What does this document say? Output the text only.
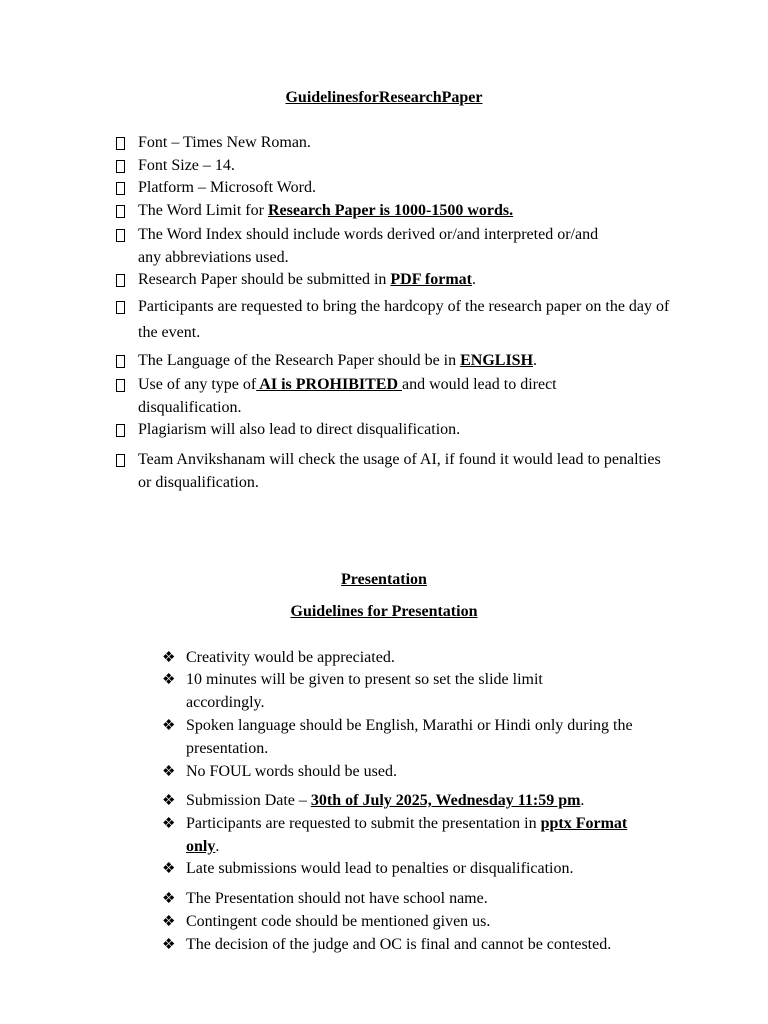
GuidelinesforResearchPaper
Font – Times New Roman.
Font Size – 14.
Platform – Microsoft Word.
The Word Limit for Research Paper is 1000-1500 words.
The Word Index should include words derived or/and interpreted or/and any abbreviations used.
Research Paper should be submitted in PDF format.
Participants are requested to bring the hardcopy of the research paper on the day of the event.
The Language of the Research Paper should be in ENGLISH.
Use of any type of AI is PROHIBITED and would lead to direct disqualification.
Plagiarism will also lead to direct disqualification.
Team Anvikshanam will check the usage of AI, if found it would lead to penalties or disqualification.
Presentation
Guidelines for Presentation
❖ Creativity would be appreciated.
❖ 10 minutes will be given to present so set the slide limit accordingly.
❖ Spoken language should be English, Marathi or Hindi only during the presentation.
❖ No FOUL words should be used.
❖ Submission Date – 30th of July 2025, Wednesday 11:59 pm.
❖ Participants are requested to submit the presentation in pptx Format only.
❖ Late submissions would lead to penalties or disqualification.
❖ The Presentation should not have school name.
❖ Contingent code should be mentioned given us.
❖ The decision of the judge and OC is final and cannot be contested.
